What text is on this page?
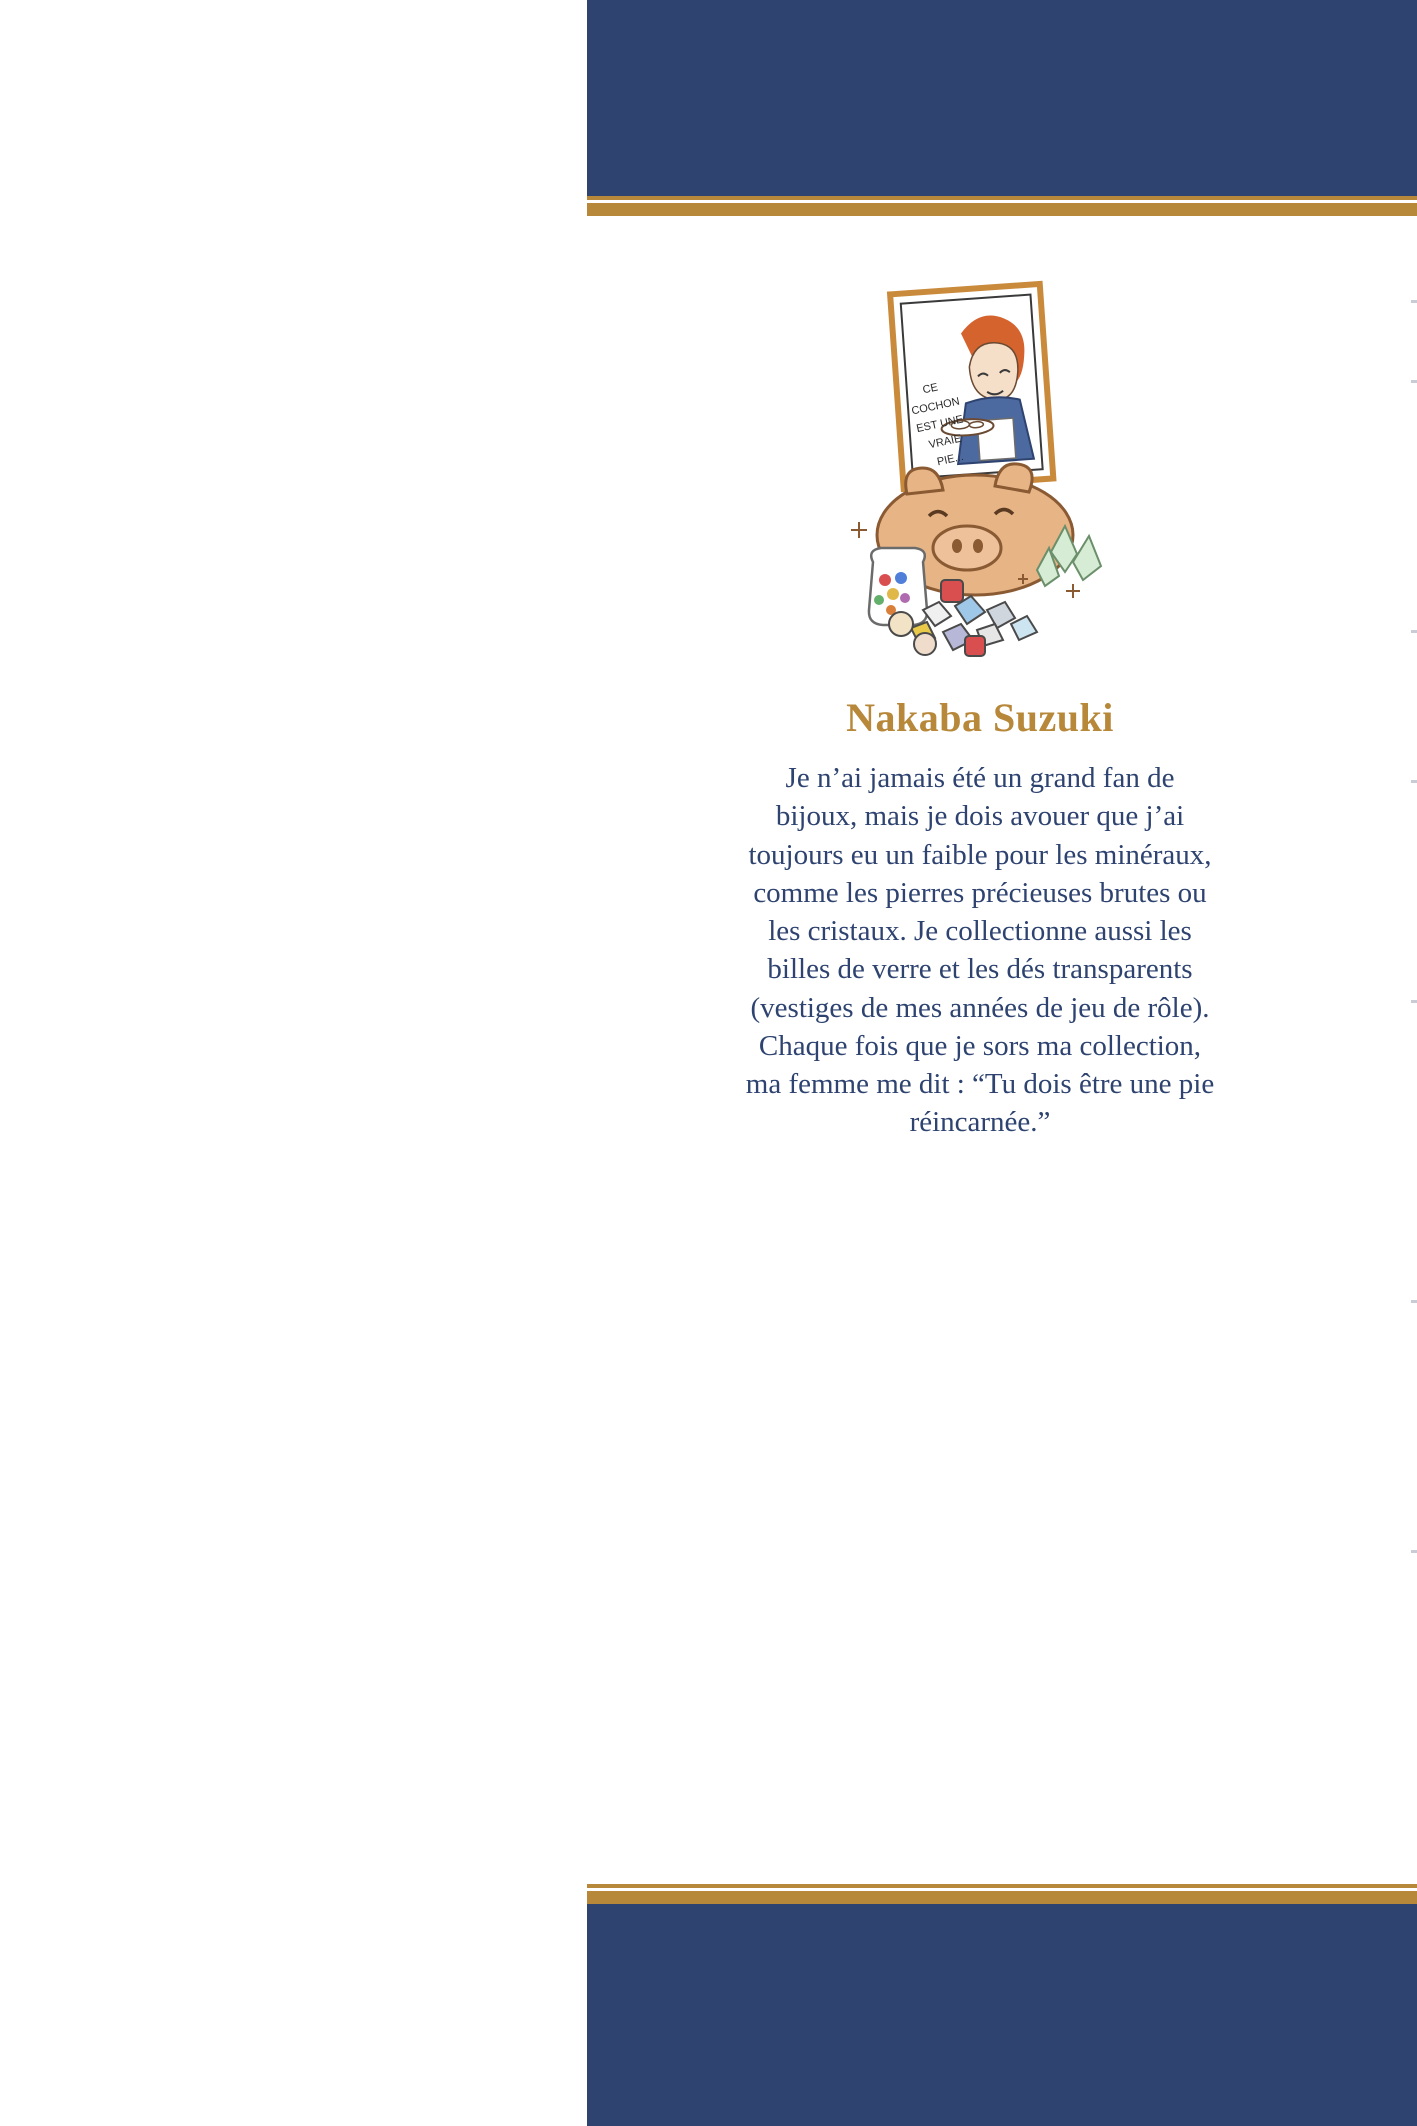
CE
COCHON
EST UNE
VRAIE
PIE...
Nakaba Suzuki

Je n’ai jamais été un grand fan de bijoux, mais je dois avouer que j’ai toujours eu un faible pour les minéraux, comme les pierres précieuses brutes ou les cristaux. Je collectionne aussi les billes de verre et les dés transparents (vestiges de mes années de jeu de rôle). Chaque fois que je sors ma collection, ma femme me dit : “Tu dois être une pie réincarnée.”
